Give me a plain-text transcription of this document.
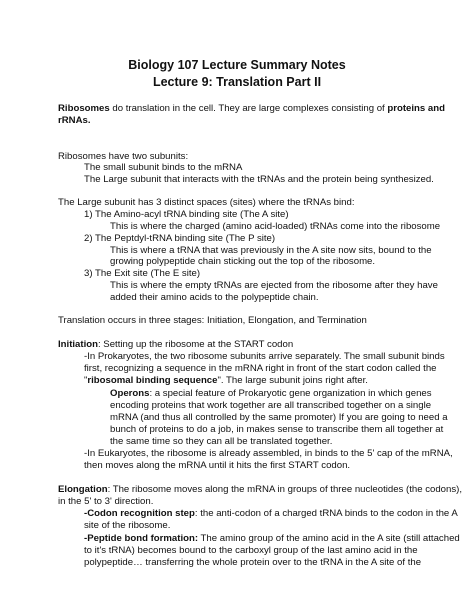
Biology 107 Lecture Summary Notes
Lecture 9: Translation Part II
Ribosomes do translation in the cell. They are large complexes consisting of proteins and
rRNAs.
Ribosomes have two subunits:
The small subunit binds to the mRNA
The Large subunit that interacts with the tRNAs and the protein being synthesized.
The Large subunit has 3 distinct spaces (sites) where the tRNAs bind:
1) The Amino-acyl tRNA binding site (The A site)
This is where the charged (amino acid-loaded) tRNAs come into the ribosome
2) The Peptdyl-tRNA binding site (The P site)
This is where a tRNA that was previously in the A site now sits, bound to the
growing polypeptide chain sticking out the top of the ribosome.
3) The Exit site (The E site)
This is where the empty tRNAs are ejected from the ribosome after they have
added their amino acids to the polypeptide chain.
Translation occurs in three stages: Initiation, Elongation, and Termination
Initiation: Setting up the ribosome at the START codon
-In Prokaryotes, the two ribosome subunits arrive separately. The small subunit binds
first, recognizing a sequence in the mRNA right in front of the start codon called the
"ribosomal binding sequence". The large subunit joins right after.
Operons: a special feature of Prokaryotic gene organization in which genes
encoding proteins that work together are all transcribed together on a single
mRNA (and thus all controlled by the same promoter) If you are going to need a
bunch of proteins to do a job, in makes sense to transcribe them all together at
the same time so they can all be translated together.
-In Eukaryotes, the ribosome is already assembled, in binds to the 5' cap of the mRNA,
then moves along the mRNA until it hits the first START codon.
Elongation: The ribosome moves along the mRNA in groups of three nucleotides (the codons),
in the 5' to 3' direction.
-Codon recognition step: the anti-codon of a charged tRNA binds to the codon in the A
site of the ribosome.
-Peptide bond formation: The amino group of the amino acid in the A site (still attached
to it's tRNA) becomes bound to the carboxyl group of the last amino acid in the
polypeptide… transferring the whole protein over to the tRNA in the A site of the
